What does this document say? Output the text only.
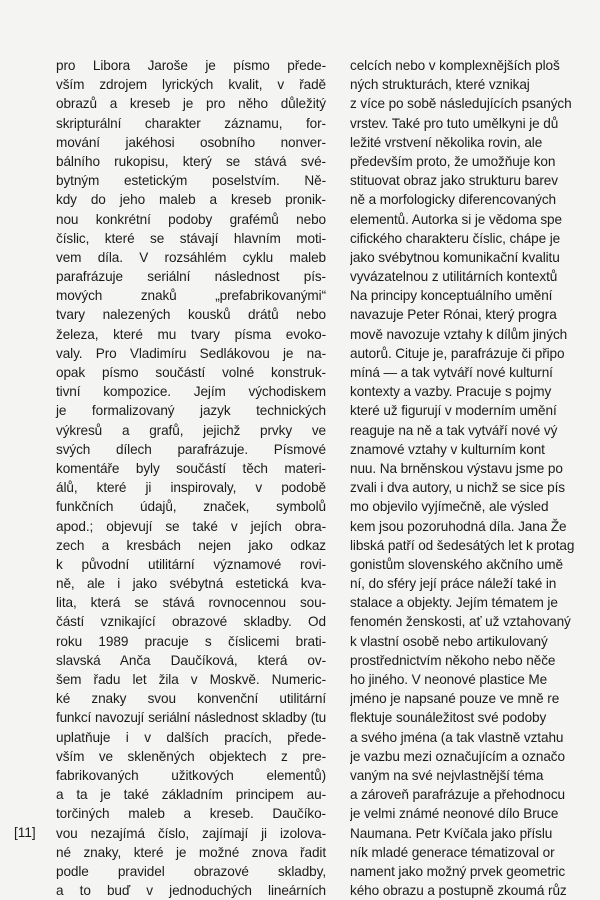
pro Libora Jaroše je písmo přede-
vším zdrojem lyrických kvalit, v řadě
obrazů a kreseb je pro něho důležitý
skripturální charakter záznamu, for-
mování jakéhosi osobního nonver-
bálního rukopisu, který se stává své-
bytným estetickým poselstvím. Ně-
kdy do jeho maleb a kreseb pronik-
nou konkrétní podoby grafémů nebo
číslic, které se stávají hlavním moti-
vem díla. V rozsáhlém cyklu maleb
parafrázuje seriální následnost pís-
mových znaků „prefabrikovanými“
tvary nalezených kousků drátů nebo
železa, které mu tvary písma evoko-
valy. Pro Vladimíru Sedlákovou je na-
opak písmo součástí volné konstruk-
tivní kompozice. Jejím východiskem
je formalizovaný jazyk technických
výkresů a grafů, jejichž prvky ve
svých dílech parafrázuje. Písmové
komentáře byly součástí těch materi-
álů, které ji inspirovaly, v podobě
funkčních údajů, značek, symbolů
apod.; objevují se také v jejích obra-
zech a kresbách nejen jako odkaz
k původní utilitární významové rovi-
ně, ale i jako svébytná estetická kva-
lita, která se stává rovnocennou sou-
částí vznikající obrazové skladby. Od
roku 1989 pracuje s číslicemi brati-
slavská Anča Daučíková, která ov-
šem řadu let žila v Moskvě. Numeric-
ké znaky svou konvenční utilitární
funkcí navozují seriální následnost skladby (tu
uplatňuje i v dalších pracích, přede-
vším ve skleněných objektech z pre-
fabrikovaných užitkových elementů)
a ta je také základním principem au-
torčiných maleb a kreseb. Daučíko-
vou nezajímá číslo, zajímají ji izolova-
né znaky, které je možné znova řadit
podle pravidel obrazové skladby,
a to buď v jednoduchých lineárních
celcích nebo v komplexnějších ploš
ných strukturách, které vznikaj
z více po sobě následujících psaných
vrstev. Také pro tuto umělkyni je dů
ležité vrstvení několika rovin, ale
především proto, že umožňuje kon
stituovat obraz jako strukturu barev
ně a morfologicky diferencovaných
elementů. Autorka si je vědoma spe
cifického charakteru číslic, chápe je
jako svébytnou komunikační kvalitu
vyvázatelnou z utilitárních kontextů
Na principy konceptuálního umění
navazuje Peter Rónai, který progra
mově navozuje vztahy k dílům jiných
autorů. Cituje je, parafrázuje či připo
míná — a tak vytváří nové kulturní
kontexty a vazby. Pracuje s pojmy
které už figurují v moderním umění
reaguje na ně a tak vytváří nové vý
znamové vztahy v kulturním kont
nuu. Na brněnskou výstavu jsme po
zvali i dva autory, u nichž se sice pís
mo objevilo vyjímečně, ale výsled
kem jsou pozoruhodná díla. Jana Že
libská patří od šedesátých let k protag
gonistům slovenského akčního umě
ní, do sféry její práce náleží také in
stalace a objekty. Jejím tématem je
fenomén ženskosti, ať už vztahovaný
k vlastní osobě nebo artikulovaný
prostřednictvím někoho nebo něče
ho jiného. V neonové plastice Me
jméno je napsané pouze ve mně re
flektuje sounáležitost své podoby
a svého jména (a tak vlastně vztahu
je vazbu mezi označujícím a označo
vaným na své nejvlastnější téma
a zároveň parafrázuje a přehodnocu
je velmi známé neonové dílo Bruce
Naumana. Petr Kvíčala jako příslu
ník mladé generace tématizoval or
nament jako možný prvek geometric
kého obrazu a postupně zkoumá růz
[11]
